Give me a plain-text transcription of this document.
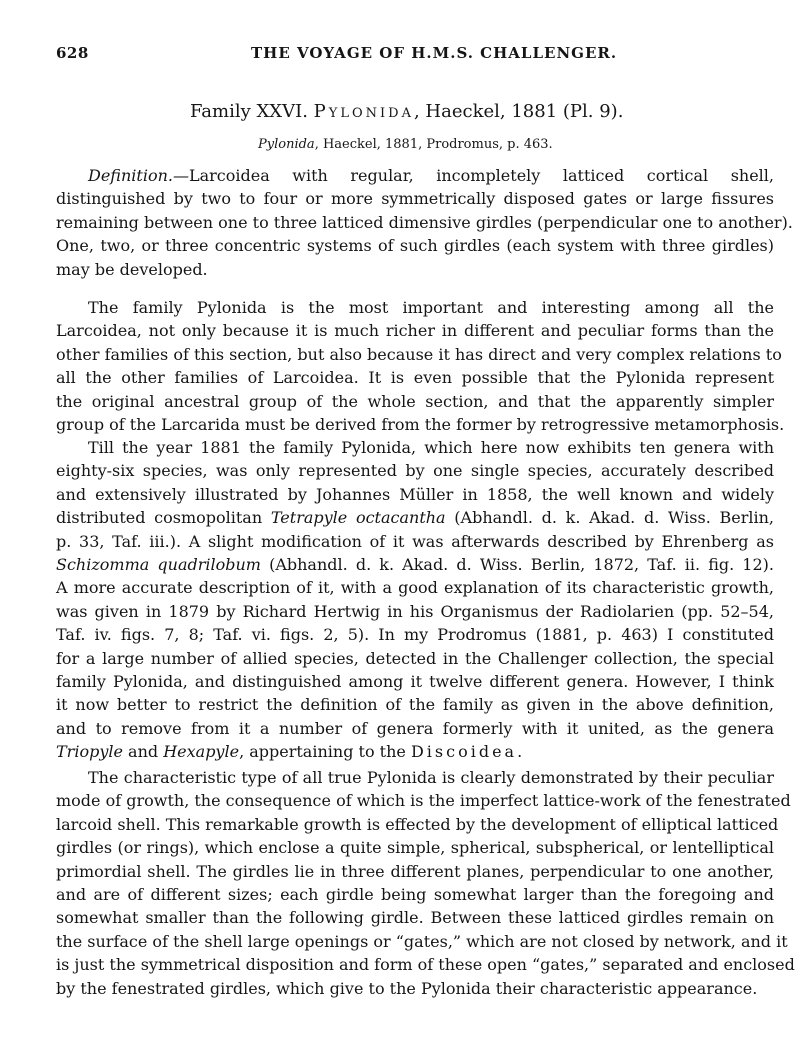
628	THE VOYAGE OF H.M.S. CHALLENGER.
Family XXVI. Pylonida, Haeckel, 1881 (Pl. 9).
Pylonida, Haeckel, 1881, Prodromus, p. 463.
Definition.—Larcoidea with regular, incompletely latticed cortical shell,
distinguished by two to four or more symmetrically disposed gates or large fissures
remaining between one to three latticed dimensive girdles (perpendicular one to another).
One, two, or three concentric systems of such girdles (each system with three girdles)
may be developed.
The family Pylonida is the most important and interesting among all the
Larcoidea, not only because it is much richer in different and peculiar forms than the
other families of this section, but also because it has direct and very complex relations to
all the other families of Larcoidea. It is even possible that the Pylonida represent
the original ancestral group of the whole section, and that the apparently simpler
group of the Larcarida must be derived from the former by retrogressive metamorphosis.
Till the year 1881 the family Pylonida, which here now exhibits ten genera with
eighty-six species, was only represented by one single species, accurately described
and extensively illustrated by Johannes Müller in 1858, the well known and widely
distributed cosmopolitan Tetrapyle octacantha (Abhandl. d. k. Akad. d. Wiss. Berlin,
p. 33, Taf. iii.). A slight modification of it was afterwards described by Ehrenberg as
Schizomma quadrilobum (Abhandl. d. k. Akad. d. Wiss. Berlin, 1872, Taf. ii. fig. 12).
A more accurate description of it, with a good explanation of its characteristic growth,
was given in 1879 by Richard Hertwig in his Organismus der Radiolarien (pp. 52–54,
Taf. iv. figs. 7, 8; Taf. vi. figs. 2, 5). In my Prodromus (1881, p. 463) I constituted
for a large number of allied species, detected in the Challenger collection, the special
family Pylonida, and distinguished among it twelve different genera. However, I think
it now better to restrict the definition of the family as given in the above definition,
and to remove from it a number of genera formerly with it united, as the genera
Triopyle and Hexapyle, appertaining to the Discoidea.
The characteristic type of all true Pylonida is clearly demonstrated by their peculiar
mode of growth, the consequence of which is the imperfect lattice-work of the fenestrated
larcoid shell. This remarkable growth is effected by the development of elliptical latticed
girdles (or rings), which enclose a quite simple, spherical, subspherical, or lentelliptical
primordial shell. The girdles lie in three different planes, perpendicular to one another,
and are of different sizes; each girdle being somewhat larger than the foregoing and
somewhat smaller than the following girdle. Between these latticed girdles remain on
the surface of the shell large openings or “gates,” which are not closed by network, and it
is just the symmetrical disposition and form of these open “gates,” separated and enclosed
by the fenestrated girdles, which give to the Pylonida their characteristic appearance.
